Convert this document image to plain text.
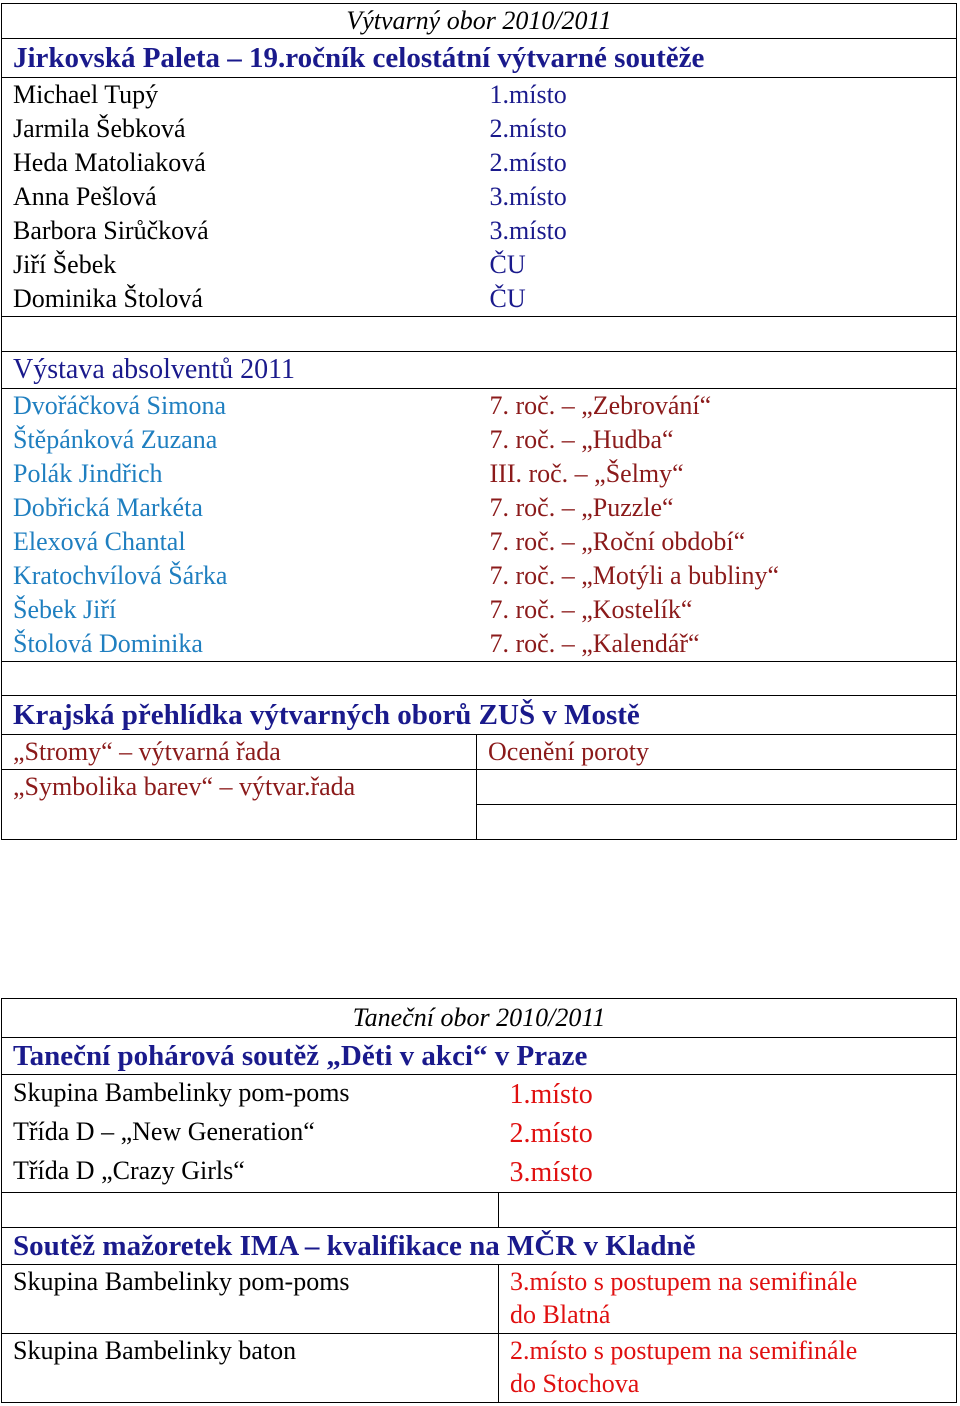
Výtvarný obor 2010/2011	
Jirkovská Paleta – 19.ročník celostátní výtvarné soutěže	
Michael Tupý	1.místo
Jarmila Šebková	2.místo
Heda Matoliaková	2.místo
Anna Pešlová	3.místo
Barbora Sirůčková	3.místo
Jiří Šebek	ČU
Dominika Štolová	ČU

Výstava absolventů 2011	
Dvořáčková Simona	7. roč. – „Zebrování“
Štěpánková Zuzana	7. roč. – „Hudba“
Polák Jindřich	III. roč. – „Šelmy“
Dobřická Markéta	7. roč. – „Puzzle“
Elexová Chantal	7. roč. – „Roční období“
Kratochvílová Šárka	7. roč. – „Motýli a bubliny“
Šebek Jiří	7. roč. – „Kostelík“
Štolová Dominika	7. roč. – „Kalendář“

Krajská přehlídka výtvarných oborů ZUŠ v Mostě	
„Stromy“ – výtvarná řada	Ocenění poroty
„Symbolika barev“ – výtvar.řada	

Taneční obor 2010/2011	
Taneční pohárová soutěž „Děti v akci“ v Praze	
Skupina Bambelinky pom-poms	1.místo
Třída D – „New Generation“	2.místo
Třída D „Crazy Girls“	3.místo

Soutěž mažoretek IMA – kvalifikace na MČR v Kladně	
Skupina Bambelinky pom-poms	3.místo s postupem na semifinále
do Blatná

Skupina Bambelinky baton	2.místo s postupem na semifinále
do Stochova
